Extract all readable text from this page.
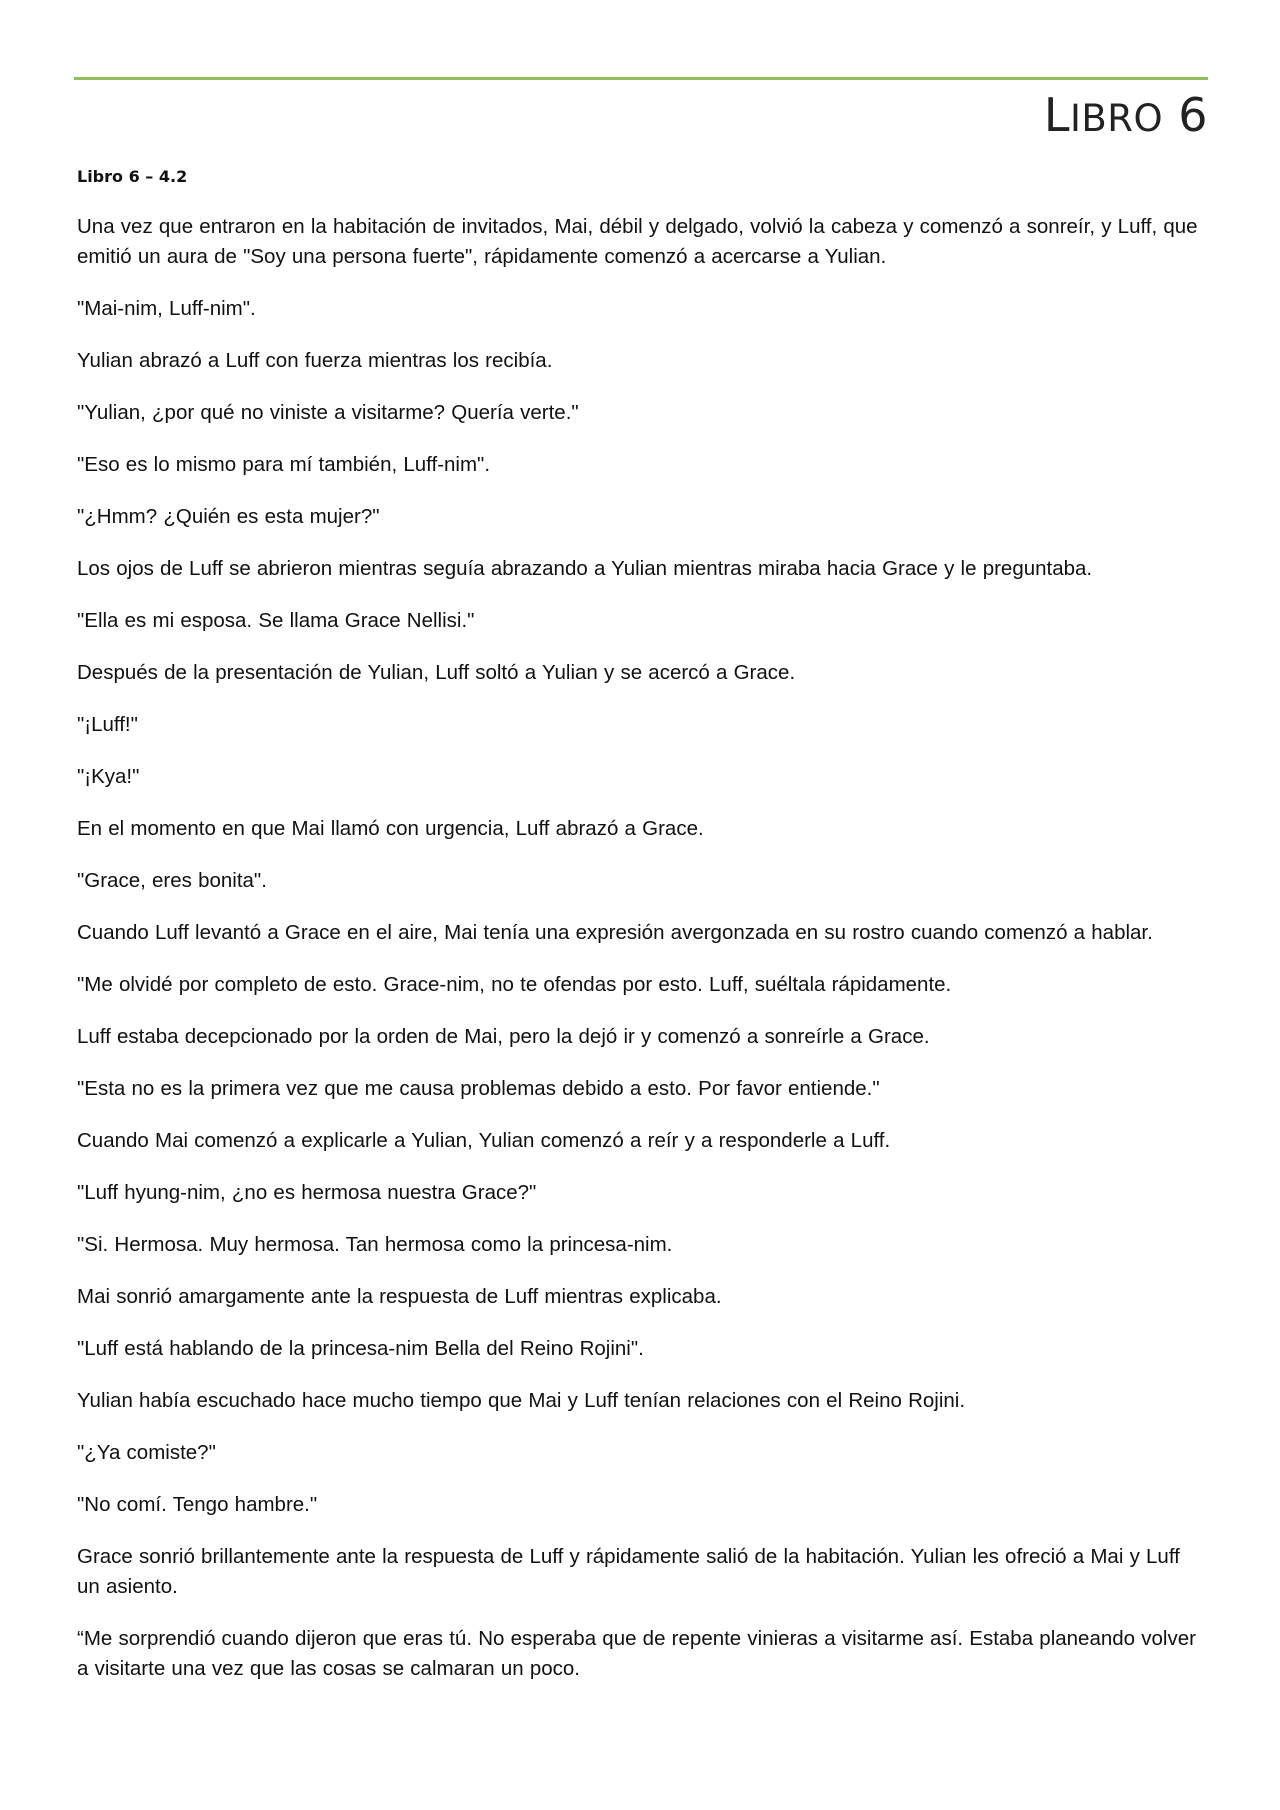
LIBRO 6
Libro 6 – 4.2

Una vez que entraron en la habitación de invitados, Mai, débil y delgado, volvió la cabeza y comenzó a sonreír, y Luff, que emitió un aura de "Soy una persona fuerte", rápidamente comenzó a acercarse a Yulian.

"Mai-nim, Luff-nim".

Yulian abrazó a Luff con fuerza mientras los recibía.

"Yulian, ¿por qué no viniste a visitarme? Quería verte."

"Eso es lo mismo para mí también, Luff-nim".

"¿Hmm? ¿Quién es esta mujer?"

Los ojos de Luff se abrieron mientras seguía abrazando a Yulian mientras miraba hacia Grace y le preguntaba.

"Ella es mi esposa. Se llama Grace Nellisi."

Después de la presentación de Yulian, Luff soltó a Yulian y se acercó a Grace.

"¡Luff!"

"¡Kya!"

En el momento en que Mai llamó con urgencia, Luff abrazó a Grace.

"Grace, eres bonita".

Cuando Luff levantó a Grace en el aire, Mai tenía una expresión avergonzada en su rostro cuando comenzó a hablar.

"Me olvidé por completo de esto. Grace-nim, no te ofendas por esto. Luff, suéltala rápidamente.

Luff estaba decepcionado por la orden de Mai, pero la dejó ir y comenzó a sonreírle a Grace.

"Esta no es la primera vez que me causa problemas debido a esto. Por favor entiende."

Cuando Mai comenzó a explicarle a Yulian, Yulian comenzó a reír y a responderle a Luff.

"Luff hyung-nim, ¿no es hermosa nuestra Grace?"

"Si. Hermosa. Muy hermosa. Tan hermosa como la princesa-nim.

Mai sonrió amargamente ante la respuesta de Luff mientras explicaba.

"Luff está hablando de la princesa-nim Bella del Reino Rojini".

Yulian había escuchado hace mucho tiempo que Mai y Luff tenían relaciones con el Reino Rojini.

"¿Ya comiste?"

"No comí. Tengo hambre."

Grace sonrió brillantemente ante la respuesta de Luff y rápidamente salió de la habitación. Yulian les ofreció a Mai y Luff un asiento.

“Me sorprendió cuando dijeron que eras tú. No esperaba que de repente vinieras a visitarme así. Estaba planeando volver a visitarte una vez que las cosas se calmaran un poco.
